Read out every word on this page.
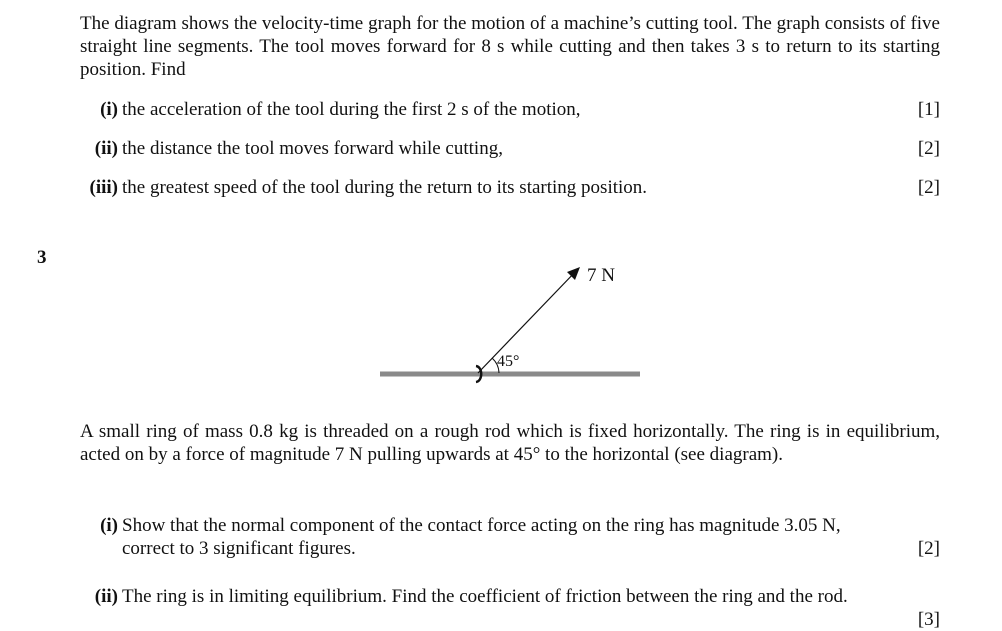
The diagram shows the velocity-time graph for the motion of a machine’s cutting tool. The graph consists of five straight line segments. The tool moves forward for 8 s while cutting and then takes 3 s to return to its starting position. Find

(i) the acceleration of the tool during the first 2 s of the motion,	[1]
(ii) the distance the tool moves forward while cutting,	[2]
(iii) the greatest speed of the tool during the return to its starting position.	[2]
3
7 N
45°

A small ring of mass 0.8 kg is threaded on a rough rod which is fixed horizontally. The ring is in equilibrium, acted on by a force of magnitude 7 N pulling upwards at 45° to the horizontal (see diagram).

(i) Show that the normal component of the contact force acting on the ring has magnitude 3.05 N,
correct to 3 significant figures.	[2]
(ii) The ring is in limiting equilibrium. Find the coefficient of friction between the ring and the rod.
[3]
